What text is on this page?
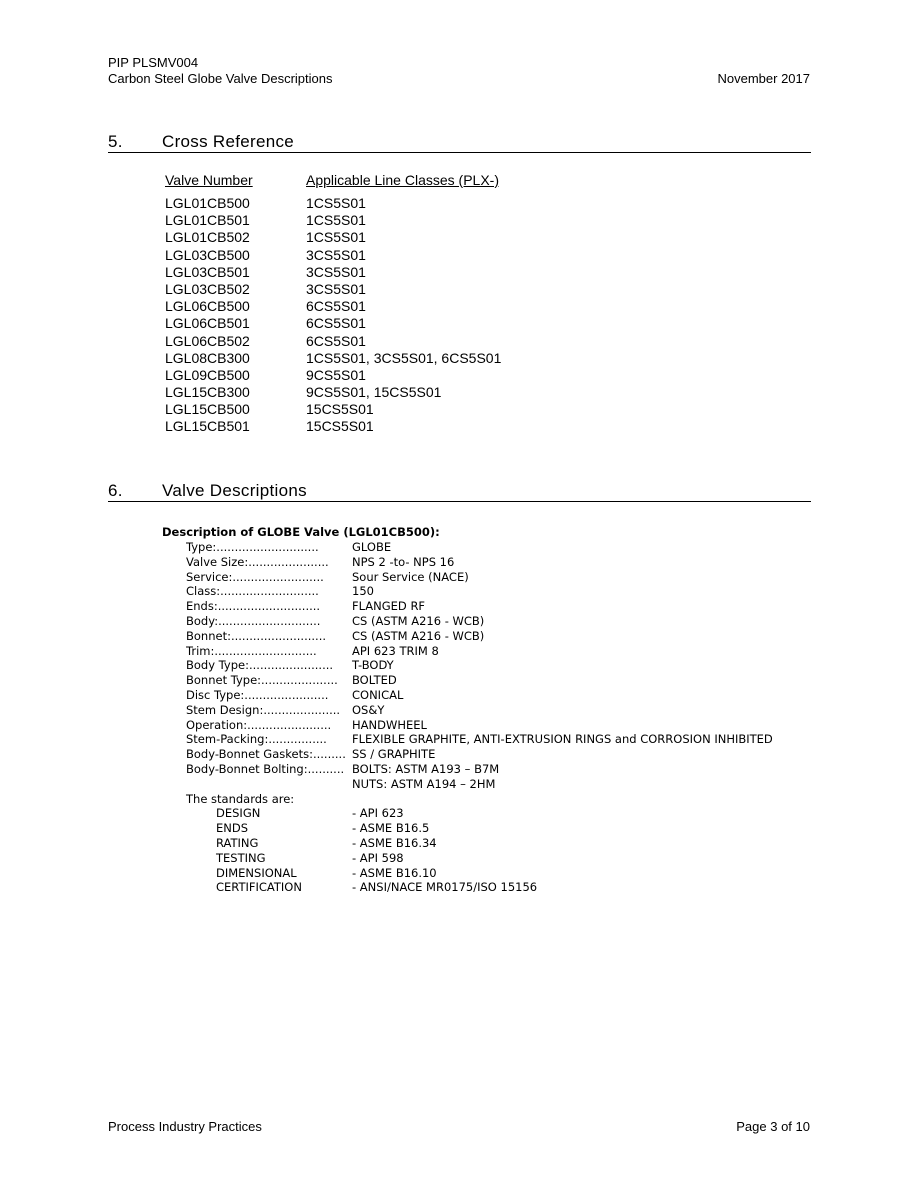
PIP PLSMV004
Carbon Steel Globe Valve Descriptions	November 2017
5. Cross Reference
Valve Number	Applicable Line Classes (PLX-)
LGL01CB500	1CS5S01
LGL01CB501	1CS5S01
LGL01CB502	1CS5S01
LGL03CB500	3CS5S01
LGL03CB501	3CS5S01
LGL03CB502	3CS5S01
LGL06CB500	6CS5S01
LGL06CB501	6CS5S01
LGL06CB502	6CS5S01
LGL08CB300	1CS5S01, 3CS5S01, 6CS5S01
LGL09CB500	9CS5S01
LGL15CB300	9CS5S01, 15CS5S01
LGL15CB500	15CS5S01
LGL15CB501	15CS5S01
6. Valve Descriptions
Description of GLOBE Valve (LGL01CB500):
Type:............................	GLOBE
Valve Size:......................	NPS 2 -to- NPS 16
Service:.........................	Sour Service (NACE)
Class:...........................	150
Ends:............................	FLANGED RF
Body:............................	CS (ASTM A216 - WCB)
Bonnet:..........................	CS (ASTM A216 - WCB)
Trim:............................	API 623 TRIM 8
Body Type:.......................	T-BODY
Bonnet Type:.....................	BOLTED
Disc Type:.......................	CONICAL
Stem Design:.....................	OS&Y
Operation:.......................	HANDWHEEL
Stem-Packing:................	FLEXIBLE GRAPHITE, ANTI-EXTRUSION RINGS and CORROSION INHIBITED
Body-Bonnet Gaskets:......... SS / GRAPHITE
Body-Bonnet Bolting:.......... BOLTS: ASTM A193 – B7M
NUTS: ASTM A194 – 2HM
The standards are:
DESIGN	- API 623
ENDS	- ASME B16.5
RATING	- ASME B16.34
TESTING	- API 598
DIMENSIONAL	- ASME B16.10
CERTIFICATION	- ANSI/NACE MR0175/ISO 15156
Process Industry Practices	Page 3 of 10
